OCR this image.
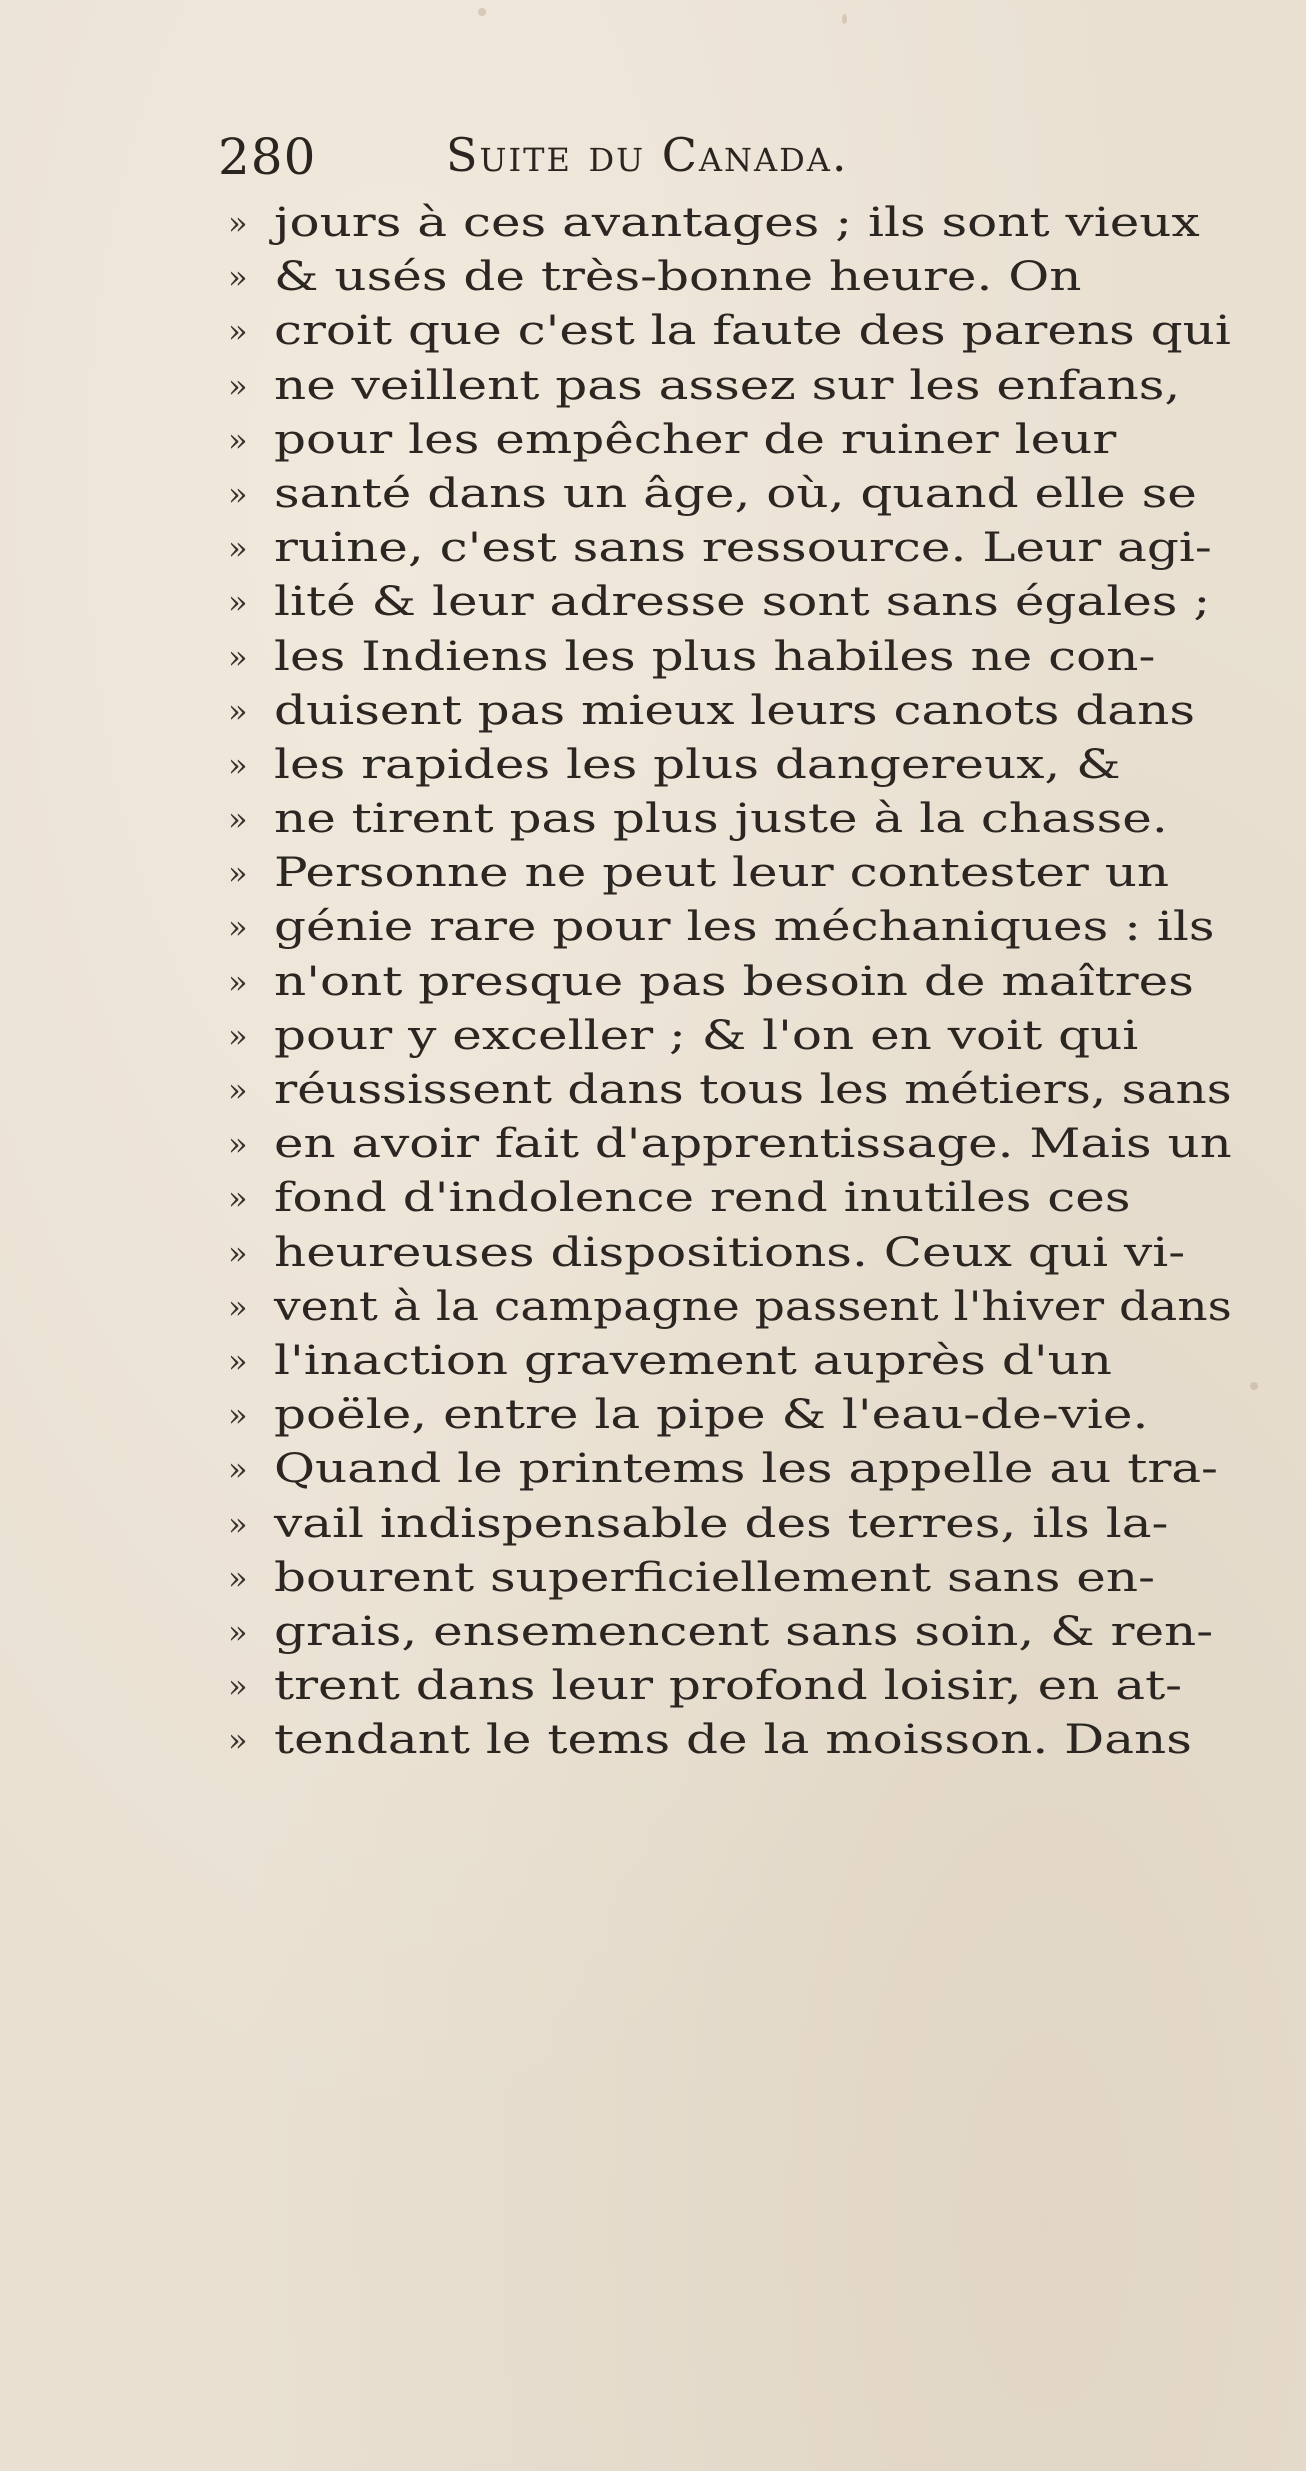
280	Suite du Canada.
» jours à ces avantages ; ils sont vieux
» & usés de très-bonne heure. On
» croit que c'est la faute des parens qui
» ne veillent pas assez sur les enfans,
» pour les empêcher de ruiner leur
» santé dans un âge, où, quand elle se
» ruine, c'est sans ressource. Leur agi-
» lité & leur adresse sont sans égales ;
» les Indiens les plus habiles ne con-
» duisent pas mieux leurs canots dans
» les rapides les plus dangereux, &
» ne tirent pas plus juste à la chasse.
» Personne ne peut leur contester un
» génie rare pour les méchaniques : ils
» n'ont presque pas besoin de maîtres
» pour y exceller ; & l'on en voit qui
» réussissent dans tous les métiers, sans
» en avoir fait d'apprentissage. Mais un
» fond d'indolence rend inutiles ces
» heureuses dispositions. Ceux qui vi-
» vent à la campagne passent l'hiver dans
» l'inaction gravement auprès d'un
» poële, entre la pipe & l'eau-de-vie.
» Quand le printems les appelle au tra-
» vail indispensable des terres, ils la-
» bourent superficiellement sans en-
» grais, ensemencent sans soin, & ren-
» trent dans leur profond loisir, en at-
» tendant le tems de la moisson. Dans
